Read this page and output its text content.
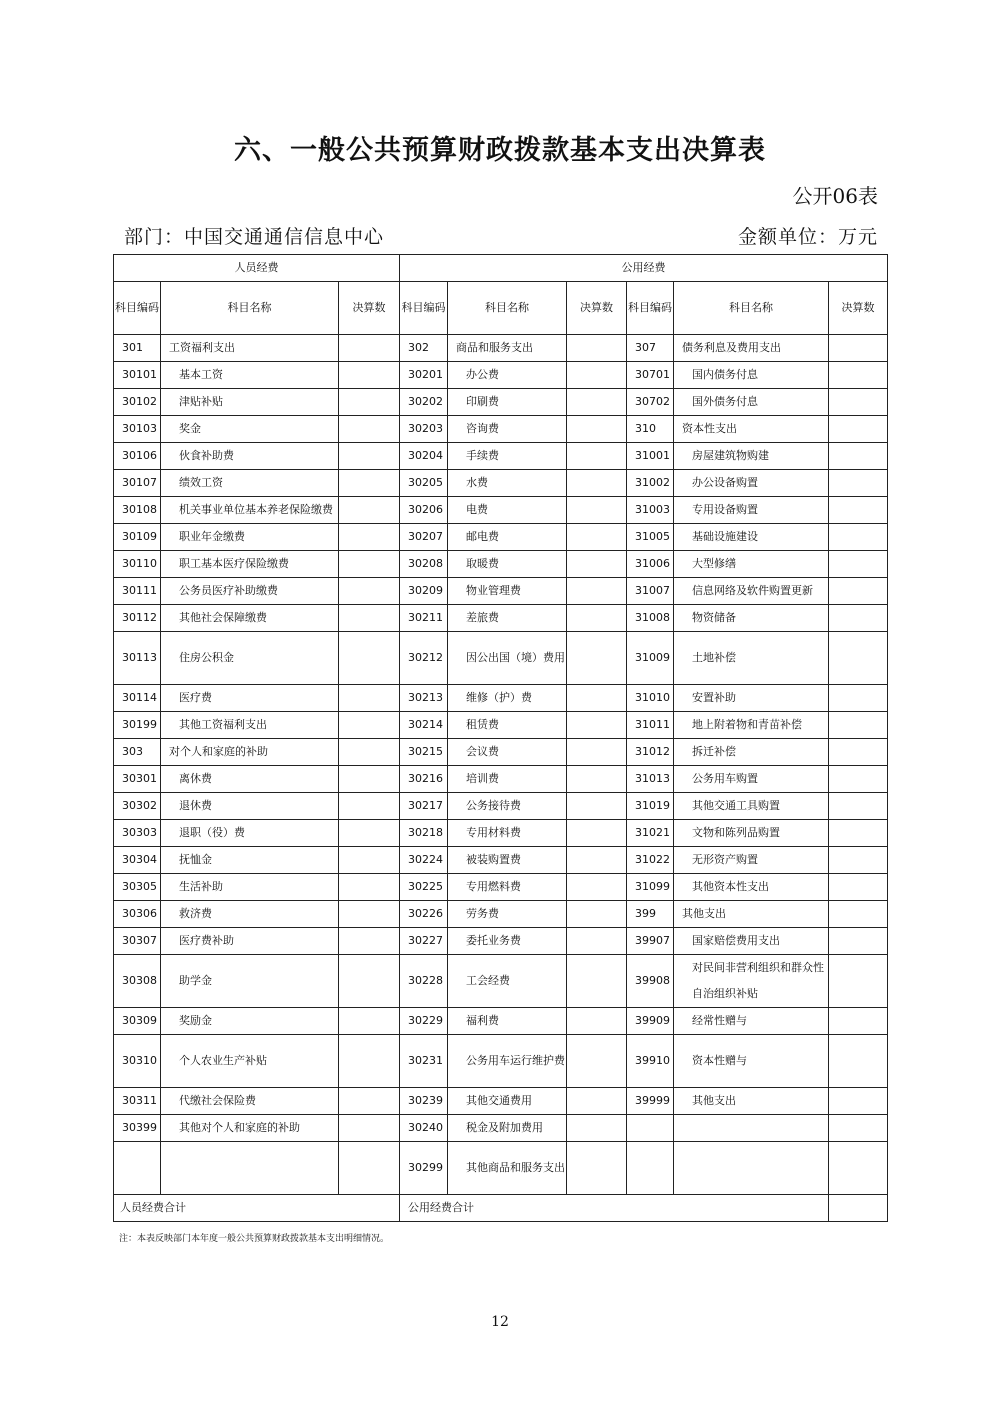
六、一般公共预算财政拨款基本支出决算表
公开06表
部门：中国交通通信信息中心	金额单位：万元
人员经费			公用经费					
科目编码	科目名称	决算数	科目编码	科目名称	决算数	科目编码	科目名称	决算数
301	工资福利支出		302	商品和服务支出		307	债务利息及费用支出	
30101	基本工资		30201	办公费		30701	国内债务付息	
30102	津贴补贴		30202	印刷费		30702	国外债务付息	
30103	奖金		30203	咨询费		310	资本性支出	
30106	伙食补助费		30204	手续费		31001	房屋建筑物购建	
30107	绩效工资		30205	水费		31002	办公设备购置	
30108	机关事业单位基本养老保险缴费		30206	电费		31003	专用设备购置	
30109	职业年金缴费		30207	邮电费		31005	基础设施建设	
30110	职工基本医疗保险缴费		30208	取暖费		31006	大型修缮	
30111	公务员医疗补助缴费		30209	物业管理费		31007	信息网络及软件购置更新	
30112	其他社会保障缴费		30211	差旅费		31008	物资储备	
30113	住房公积金		30212	因公出国（境）费用		31009	土地补偿	
30114	医疗费		30213	维修（护）费		31010	安置补助	
30199	其他工资福利支出		30214	租赁费		31011	地上附着物和青苗补偿	
303	对个人和家庭的补助		30215	会议费		31012	拆迁补偿	
30301	离休费		30216	培训费		31013	公务用车购置	
30302	退休费		30217	公务接待费		31019	其他交通工具购置	
30303	退职（役）费		30218	专用材料费		31021	文物和陈列品购置	
30304	抚恤金		30224	被装购置费		31022	无形资产购置	
30305	生活补助		30225	专用燃料费		31099	其他资本性支出	
30306	救济费		30226	劳务费		399	其他支出	
30307	医疗费补助		30227	委托业务费		39907	国家赔偿费用支出	
30308	助学金		30228	工会经费		39908	对民间非营利组织和群众性自治组织补贴	
30309	奖励金		30229	福利费		39909	经常性赠与	
30310	个人农业生产补贴		30231	公务用车运行维护费		39910	资本性赠与	
30311	代缴社会保险费		30239	其他交通费用		39999	其他支出	
30399	其他对个人和家庭的补助		30240	税金及附加费用				
			30299	其他商品和服务支出				
人员经费合计			公用经费合计					
注：本表反映部门本年度一般公共预算财政拨款基本支出明细情况。
12
